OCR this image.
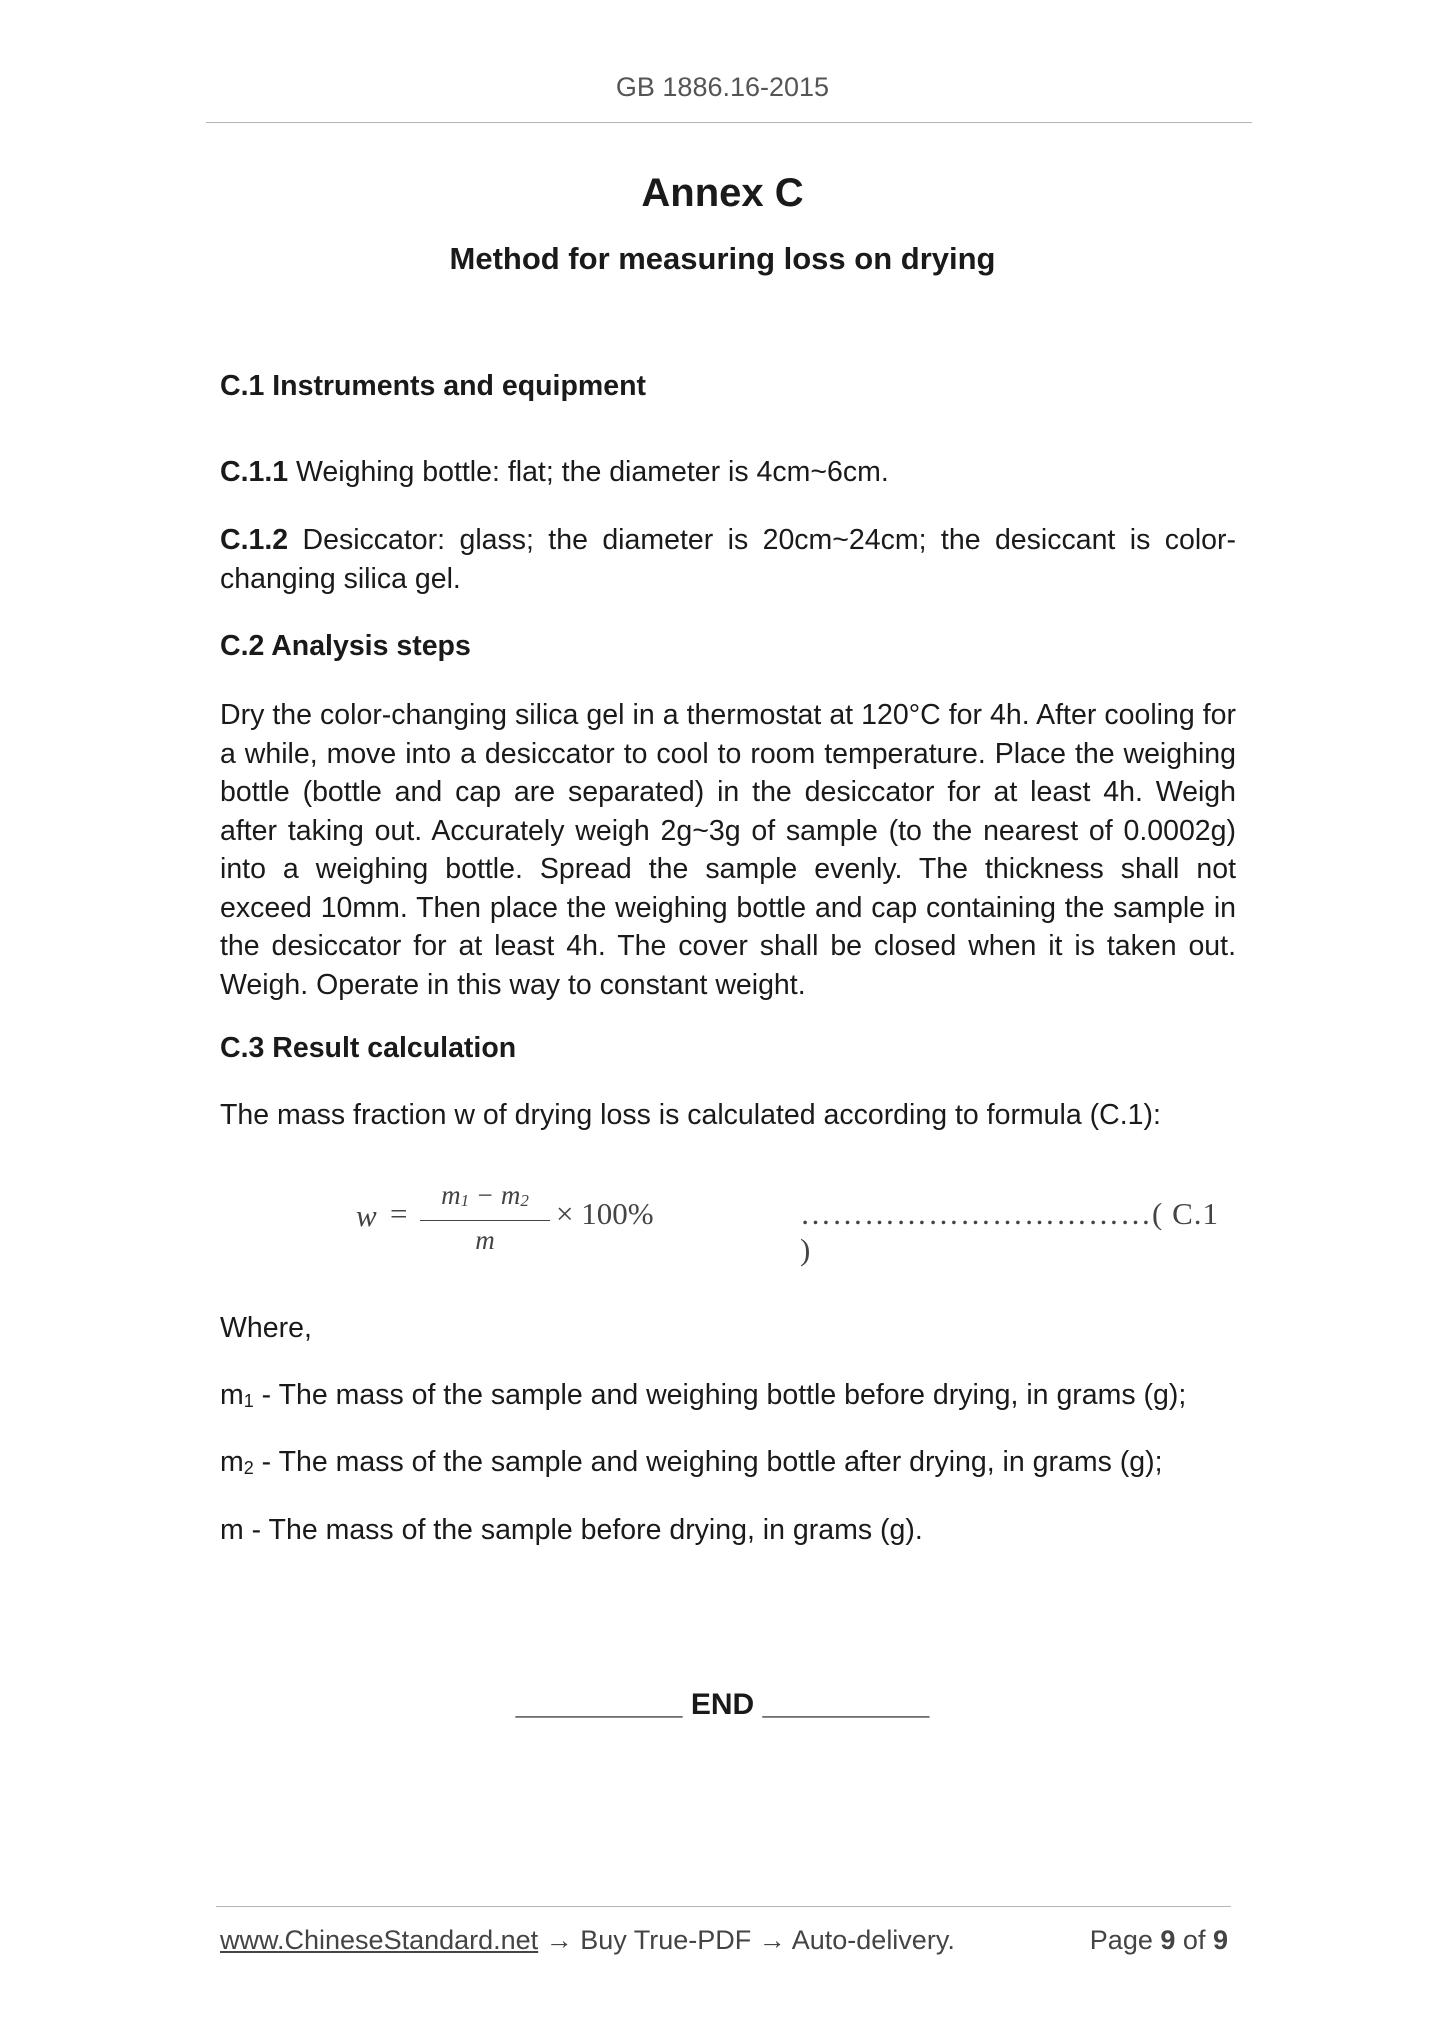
GB 1886.16-2015
Annex C
Method for measuring loss on drying

C.1 Instruments and equipment

C.1.1 Weighing bottle: flat; the diameter is 4cm~6cm.

C.1.2 Desiccator: glass; the diameter is 20cm~24cm; the desiccant is color-changing silica gel.

C.2 Analysis steps

Dry the color-changing silica gel in a thermostat at 120°C for 4h. After cooling for a while, move into a desiccator to cool to room temperature. Place the weighing bottle (bottle and cap are separated) in the desiccator for at least 4h. Weigh after taking out. Accurately weigh 2g~3g of sample (to the nearest of 0.0002g) into a weighing bottle. Spread the sample evenly. The thickness shall not exceed 10mm. Then place the weighing bottle and cap containing the sample in the desiccator for at least 4h. The cover shall be closed when it is taken out. Weigh. Operate in this way to constant weight.

C.3 Result calculation

The mass fraction w of drying loss is calculated according to formula (C.1):

w =
m1 − m2
m
× 100%	……………………………( C.1 )

Where,

$m_1$ - The mass of the sample and weighing bottle before drying, in grams (g);

$m_2$ - The mass of the sample and weighing bottle after drying, in grams (g);

m - The mass of the sample before drying, in grams (g).

__________ END __________
www.ChineseStandard.net → Buy True-PDF → Auto-delivery.	Page 9 of 9
